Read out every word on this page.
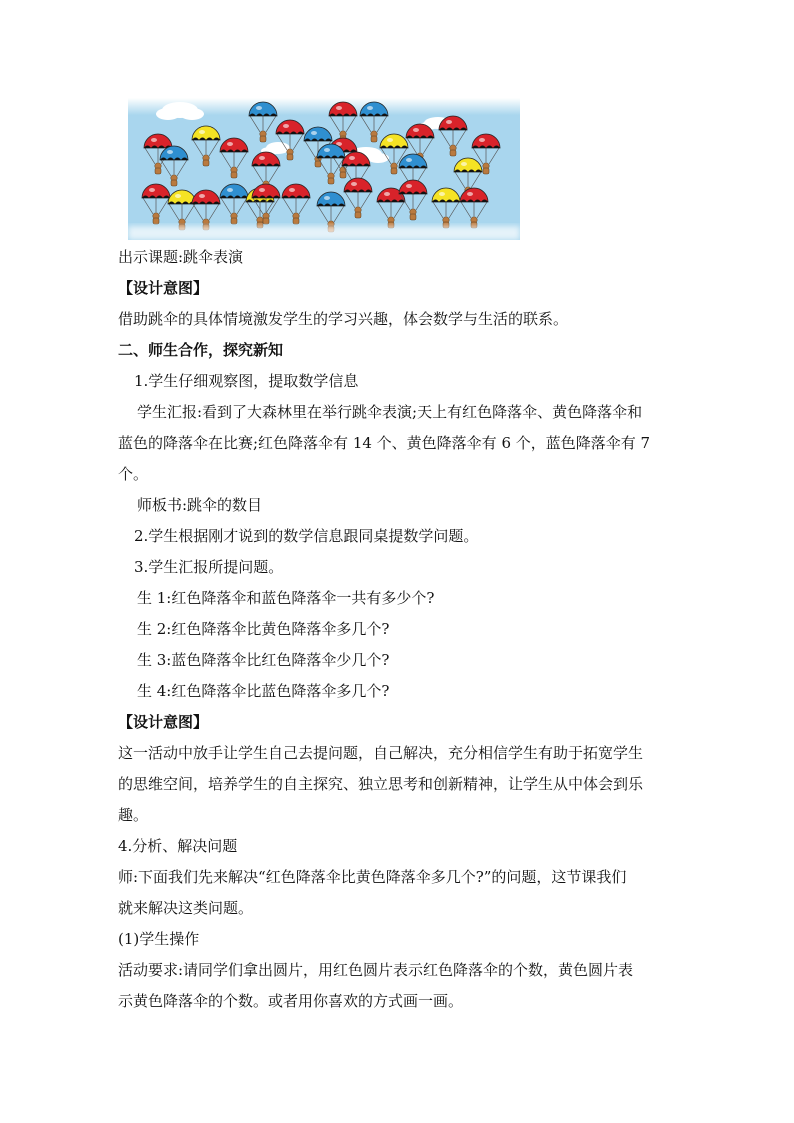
出示课题:跳伞表演
【设计意图】
借助跳伞的具体情境激发学生的学习兴趣，体会数学与生活的联系。
二、师生合作，探究新知
1.学生仔细观察图，提取数学信息
学生汇报:看到了大森林里在举行跳伞表演;天上有红色降落伞、黄色降落伞和
蓝色的降落伞在比赛;红色降落伞有 14 个、黄色降落伞有 6 个，蓝色降落伞有 7
个。
师板书:跳伞的数目
2.学生根据刚才说到的数学信息跟同桌提数学问题。
3.学生汇报所提问题。
生 1:红色降落伞和蓝色降落伞一共有多少个?
生 2:红色降落伞比黄色降落伞多几个?
生 3:蓝色降落伞比红色降落伞少几个?
生 4:红色降落伞比蓝色降落伞多几个?
【设计意图】
这一活动中放手让学生自己去提问题，自己解决，充分相信学生有助于拓宽学生
的思维空间，培养学生的自主探究、独立思考和创新精神，让学生从中体会到乐
趣。
4.分析、解决问题
师:下面我们先来解决“红色降落伞比黄色降落伞多几个?”的问题，这节课我们
就来解决这类问题。
(1)学生操作
活动要求:请同学们拿出圆片，用红色圆片表示红色降落伞的个数，黄色圆片表
示黄色降落伞的个数。或者用你喜欢的方式画一画。
